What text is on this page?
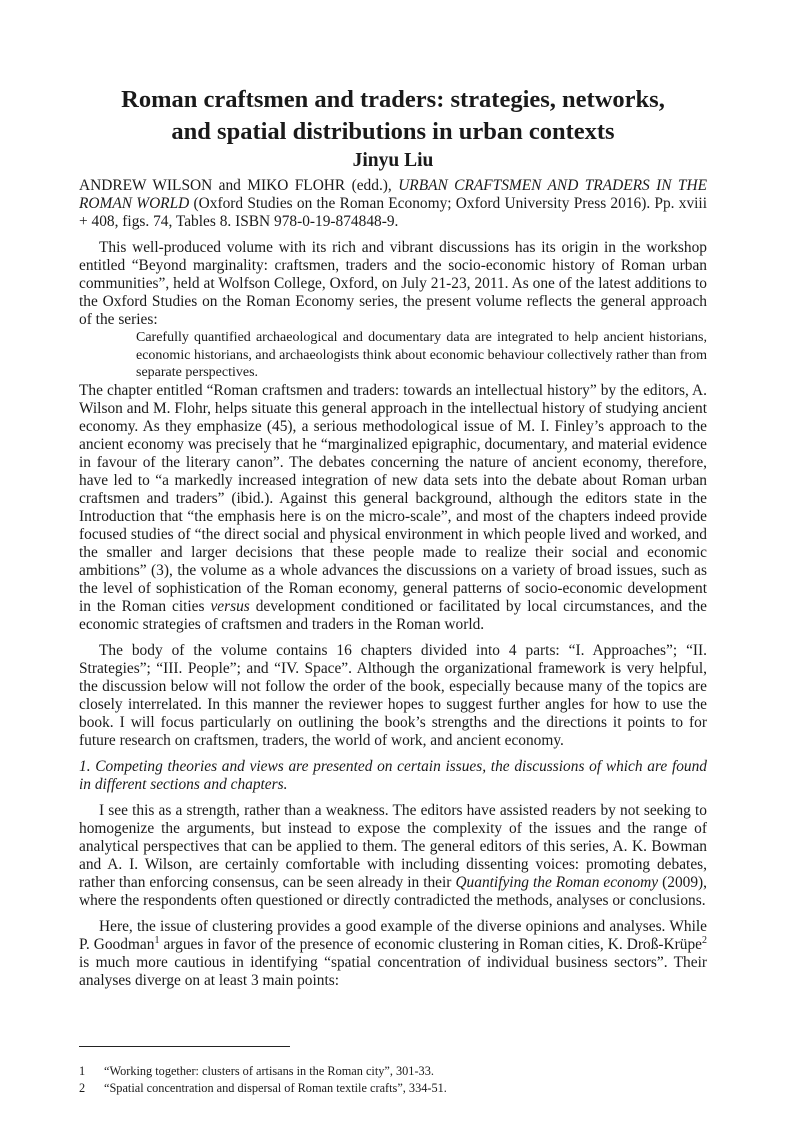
Roman craftsmen and traders: strategies, networks,
and spatial distributions in urban contexts
Jinyu Liu

ANDREW WILSON and MIKO FLOHR (edd.), URBAN CRAFTSMEN AND TRADERS IN THE ROMAN WORLD (Oxford Studies on the Roman Economy; Oxford University Press 2016). Pp. xviii + 408, figs. 74, Tables 8. ISBN 978-0-19-874848-9.

This well-produced volume with its rich and vibrant discussions has its origin in the workshop entitled “Beyond marginality: craftsmen, traders and the socio-economic history of Roman urban communities”, held at Wolfson College, Oxford, on July 21-23, 2011. As one of the latest additions to the Oxford Studies on the Roman Economy series, the present volume reflects the general approach of the series:

Carefully quantified archaeological and documentary data are integrated to help ancient historians, economic historians, and archaeologists think about economic behaviour collectively rather than from separate perspectives.

The chapter entitled “Roman craftsmen and traders: towards an intellectual history” by the editors, A. Wilson and M. Flohr, helps situate this general approach in the intellectual history of studying ancient economy. As they emphasize (45), a serious methodological issue of M. I. Finley’s approach to the ancient economy was precisely that he “marginalized epigraphic, documentary, and material evidence in favour of the literary canon”. The debates concerning the nature of ancient economy, therefore, have led to “a markedly increased integration of new data sets into the debate about Roman urban craftsmen and traders” (ibid.). Against this general background, although the editors state in the Introduction that “the emphasis here is on the micro-scale”, and most of the chapters indeed provide focused studies of “the direct social and physical environment in which people lived and worked, and the smaller and larger decisions that these people made to realize their social and economic ambitions” (3), the volume as a whole advances the discussions on a variety of broad issues, such as the level of sophistication of the Roman economy, general patterns of socio-economic development in the Roman cities versus development conditioned or facilitated by local circumstances, and the economic strategies of craftsmen and traders in the Roman world.

The body of the volume contains 16 chapters divided into 4 parts: “I. Approaches”; “II. Strategies”; “III. People”; and “IV. Space”. Although the organizational framework is very helpful, the discussion below will not follow the order of the book, especially because many of the topics are closely interrelated. In this manner the reviewer hopes to suggest further angles for how to use the book. I will focus particularly on outlining the book’s strengths and the directions it points to for future research on craftsmen, traders, the world of work, and ancient economy.

1. Competing theories and views are presented on certain issues, the discussions of which are found in different sections and chapters.

I see this as a strength, rather than a weakness. The editors have assisted readers by not seeking to homogenize the arguments, but instead to expose the complexity of the issues and the range of analytical perspectives that can be applied to them. The general editors of this series, A. K. Bowman and A. I. Wilson, are certainly comfortable with including dissenting voices: promoting debates, rather than enforcing consensus, can be seen already in their Quantifying the Roman economy (2009), where the respondents often questioned or directly contradicted the methods, analyses or conclusions.

Here, the issue of clustering provides a good example of the diverse opinions and analyses. While P. Goodman$^1$ argues in favor of the presence of economic clustering in Roman cities, K. Droß-Krüpe$^2$ is much more cautious in identifying “spatial concentration of individual business sectors”. Their analyses diverge on at least 3 main points:

1	“Working together: clusters of artisans in the Roman city”, 301-33.
2	“Spatial concentration and dispersal of Roman textile crafts”, 334-51.
